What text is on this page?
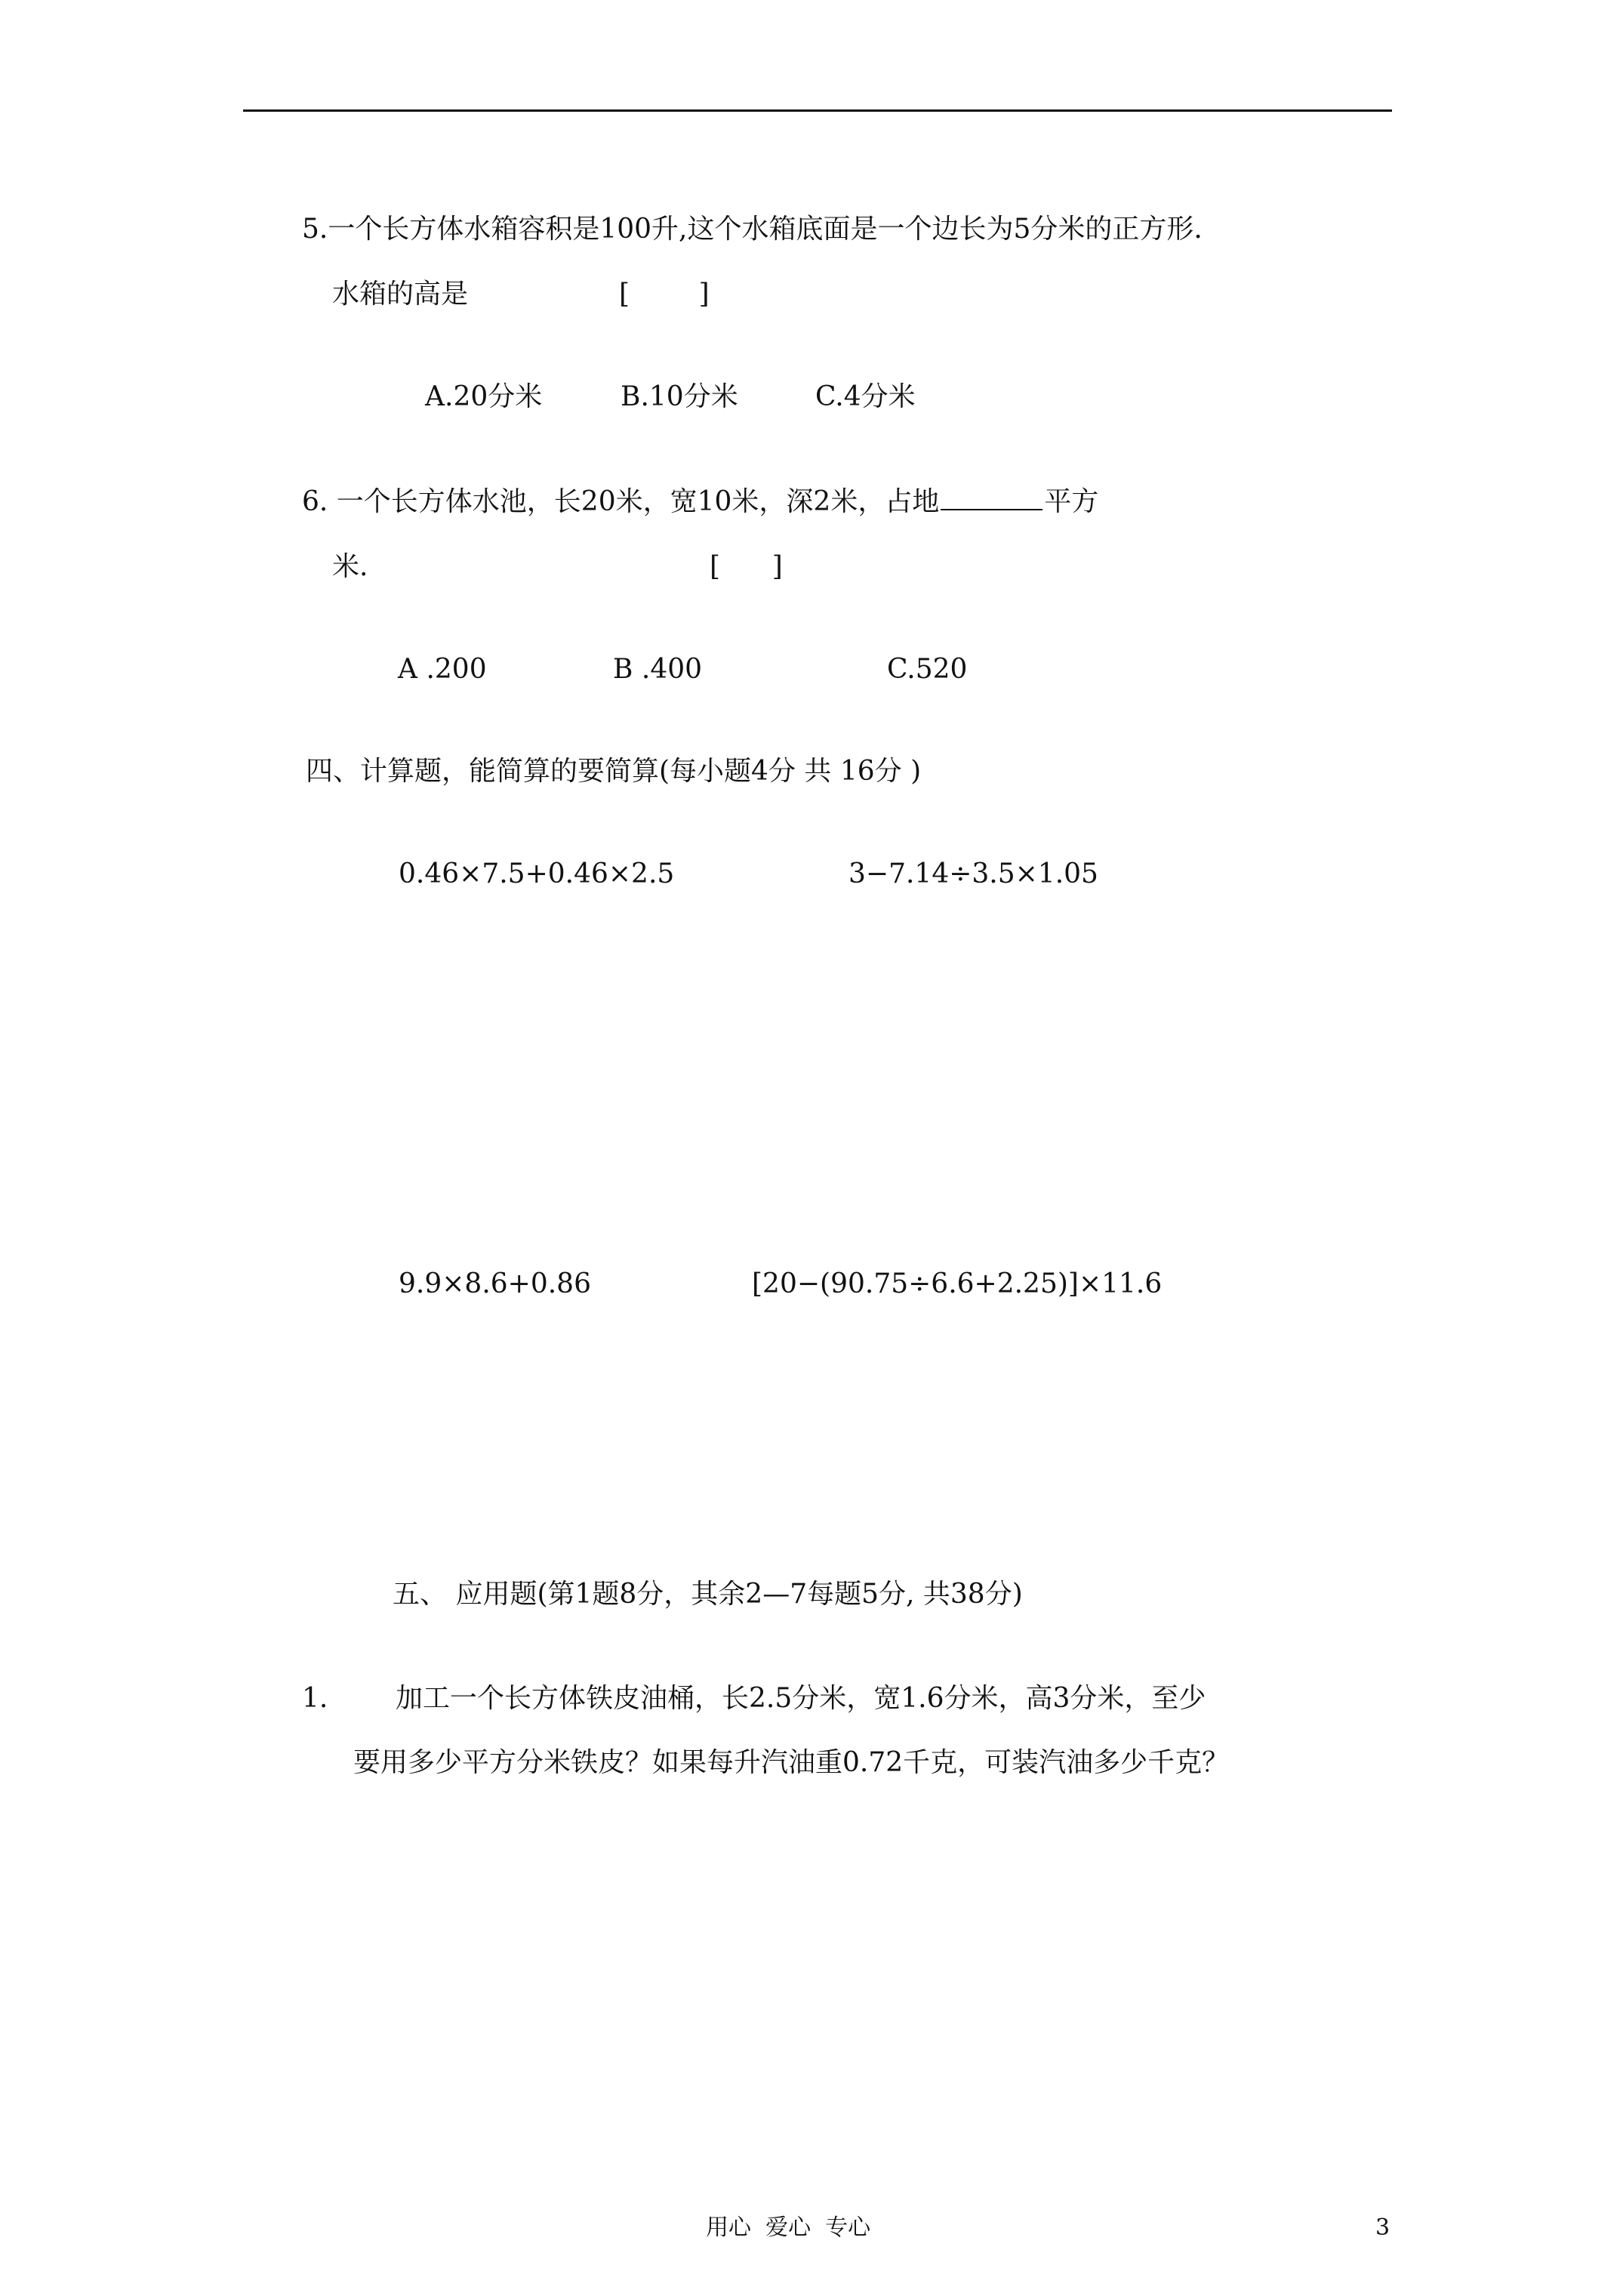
5.一个长方体水箱容积是100升,这个水箱底面是一个边长为5分米的正方形.
水箱的高是	[        ]
A.20分米	B.10分米	C.4分米
6. 一个长方体水池，长20米，宽10米，深2米，占地	平方
米.	[      ]
A .200	B .400	C.520
四、计算题，能简算的要简算(每小题4分 共 16分 )
0.46×7.5+0.46×2.5	3−7.14÷3.5×1.05
9.9×8.6+0.86	[20−(90.75÷6.6+2.25)]×11.6
五、 应用题(第1题8分，其余2—7每题5分, 共38分)
1. 加工一个长方体铁皮油桶，长2.5分米，宽1.6分米，高3分米，至少
要用多少平方分米铁皮？如果每升汽油重0.72千克，可装汽油多少千克？
用心  爱心  专心	3
